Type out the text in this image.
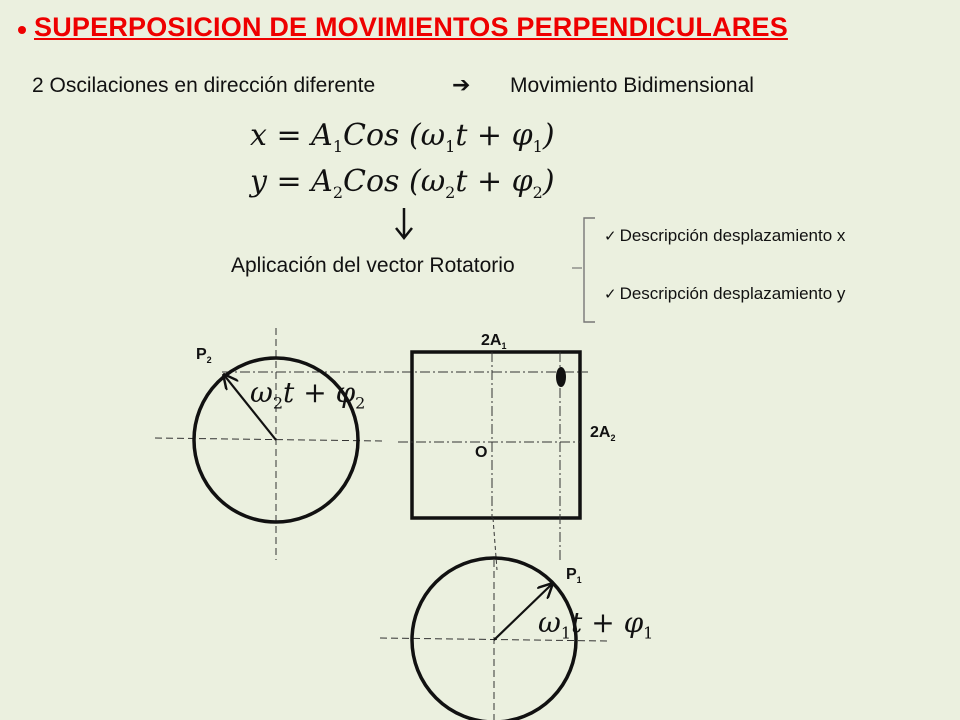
SUPERPOSICION DE MOVIMIENTOS PERPENDICULARES
2 Oscilaciones en dirección diferente	➔ Movimiento Bidimensional
$x = A_1Cos$ $(\omega_1t + \varphi_1)$
$y = A_2Cos$ $(\omega_2t + \varphi_2)$
Aplicación del vector Rotatorio
✓ Descripción desplazamiento x
✓ Descripción desplazamiento y
$\omega_2t + \varphi_2$
$\omega_1t + \varphi_1$
$P_2$
$P_1$
$2A_1$
$2A_2$
O
